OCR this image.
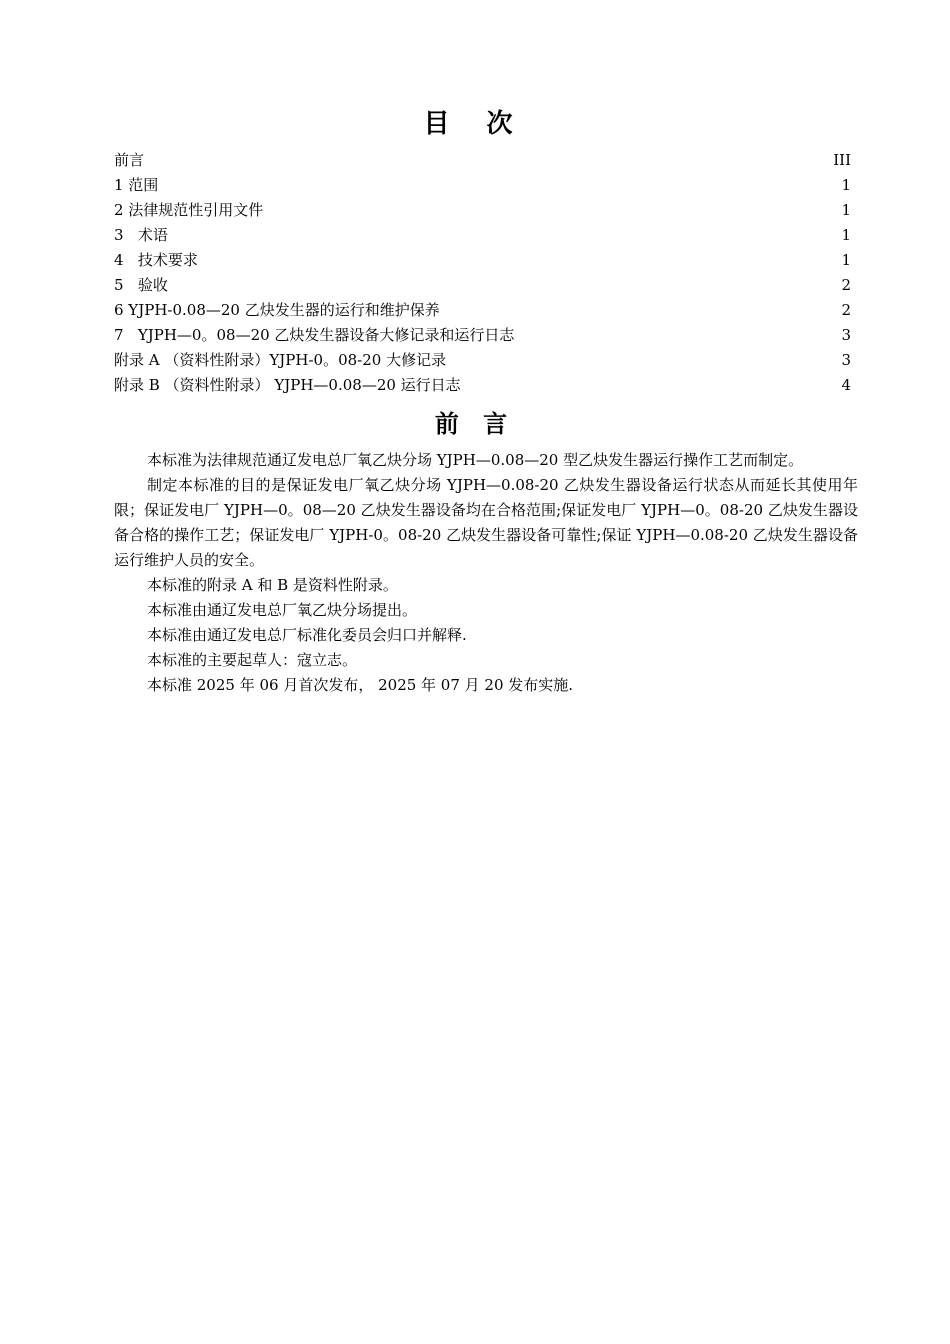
目 次
前言	III
1 范围	1
2 法律规范性引用文件	1
3   术语	1
4   技术要求	1
5   验收	2
6 YJPH-0.08—20 乙炔发生器的运行和维护保养	2
7   YJPH—0。08—20 乙炔发生器设备大修记录和运行日志	3
附录 A （资料性附录）YJPH-0。08-20 大修记录	3
附录 B （资料性附录） YJPH—0.08—20 运行日志	4
前 言

本标准为法律规范通辽发电总厂氧乙炔分场 YJPH—0.08—20 型乙炔发生器运行操作工艺而制定。

制定本标准的目的是保证发电厂氧乙炔分场 YJPH—0.08-20 乙炔发生器设备运行状态从而延长其使用年限；保证发电厂 YJPH—0。08—20 乙炔发生器设备均在合格范围;保证发电厂 YJPH—0。08-20 乙炔发生器设备合格的操作工艺；保证发电厂 YJPH-0。08-20 乙炔发生器设备可靠性;保证 YJPH—0.08-20 乙炔发生器设备运行维护人员的安全。

本标准的附录 A 和 B 是资料性附录。

本标准由通辽发电总厂氧乙炔分场提出。

本标准由通辽发电总厂标准化委员会归口并解释.

本标准的主要起草人：寇立志。

本标准 2025 年 06 月首次发布， 2025 年 07 月 20 发布实施.
